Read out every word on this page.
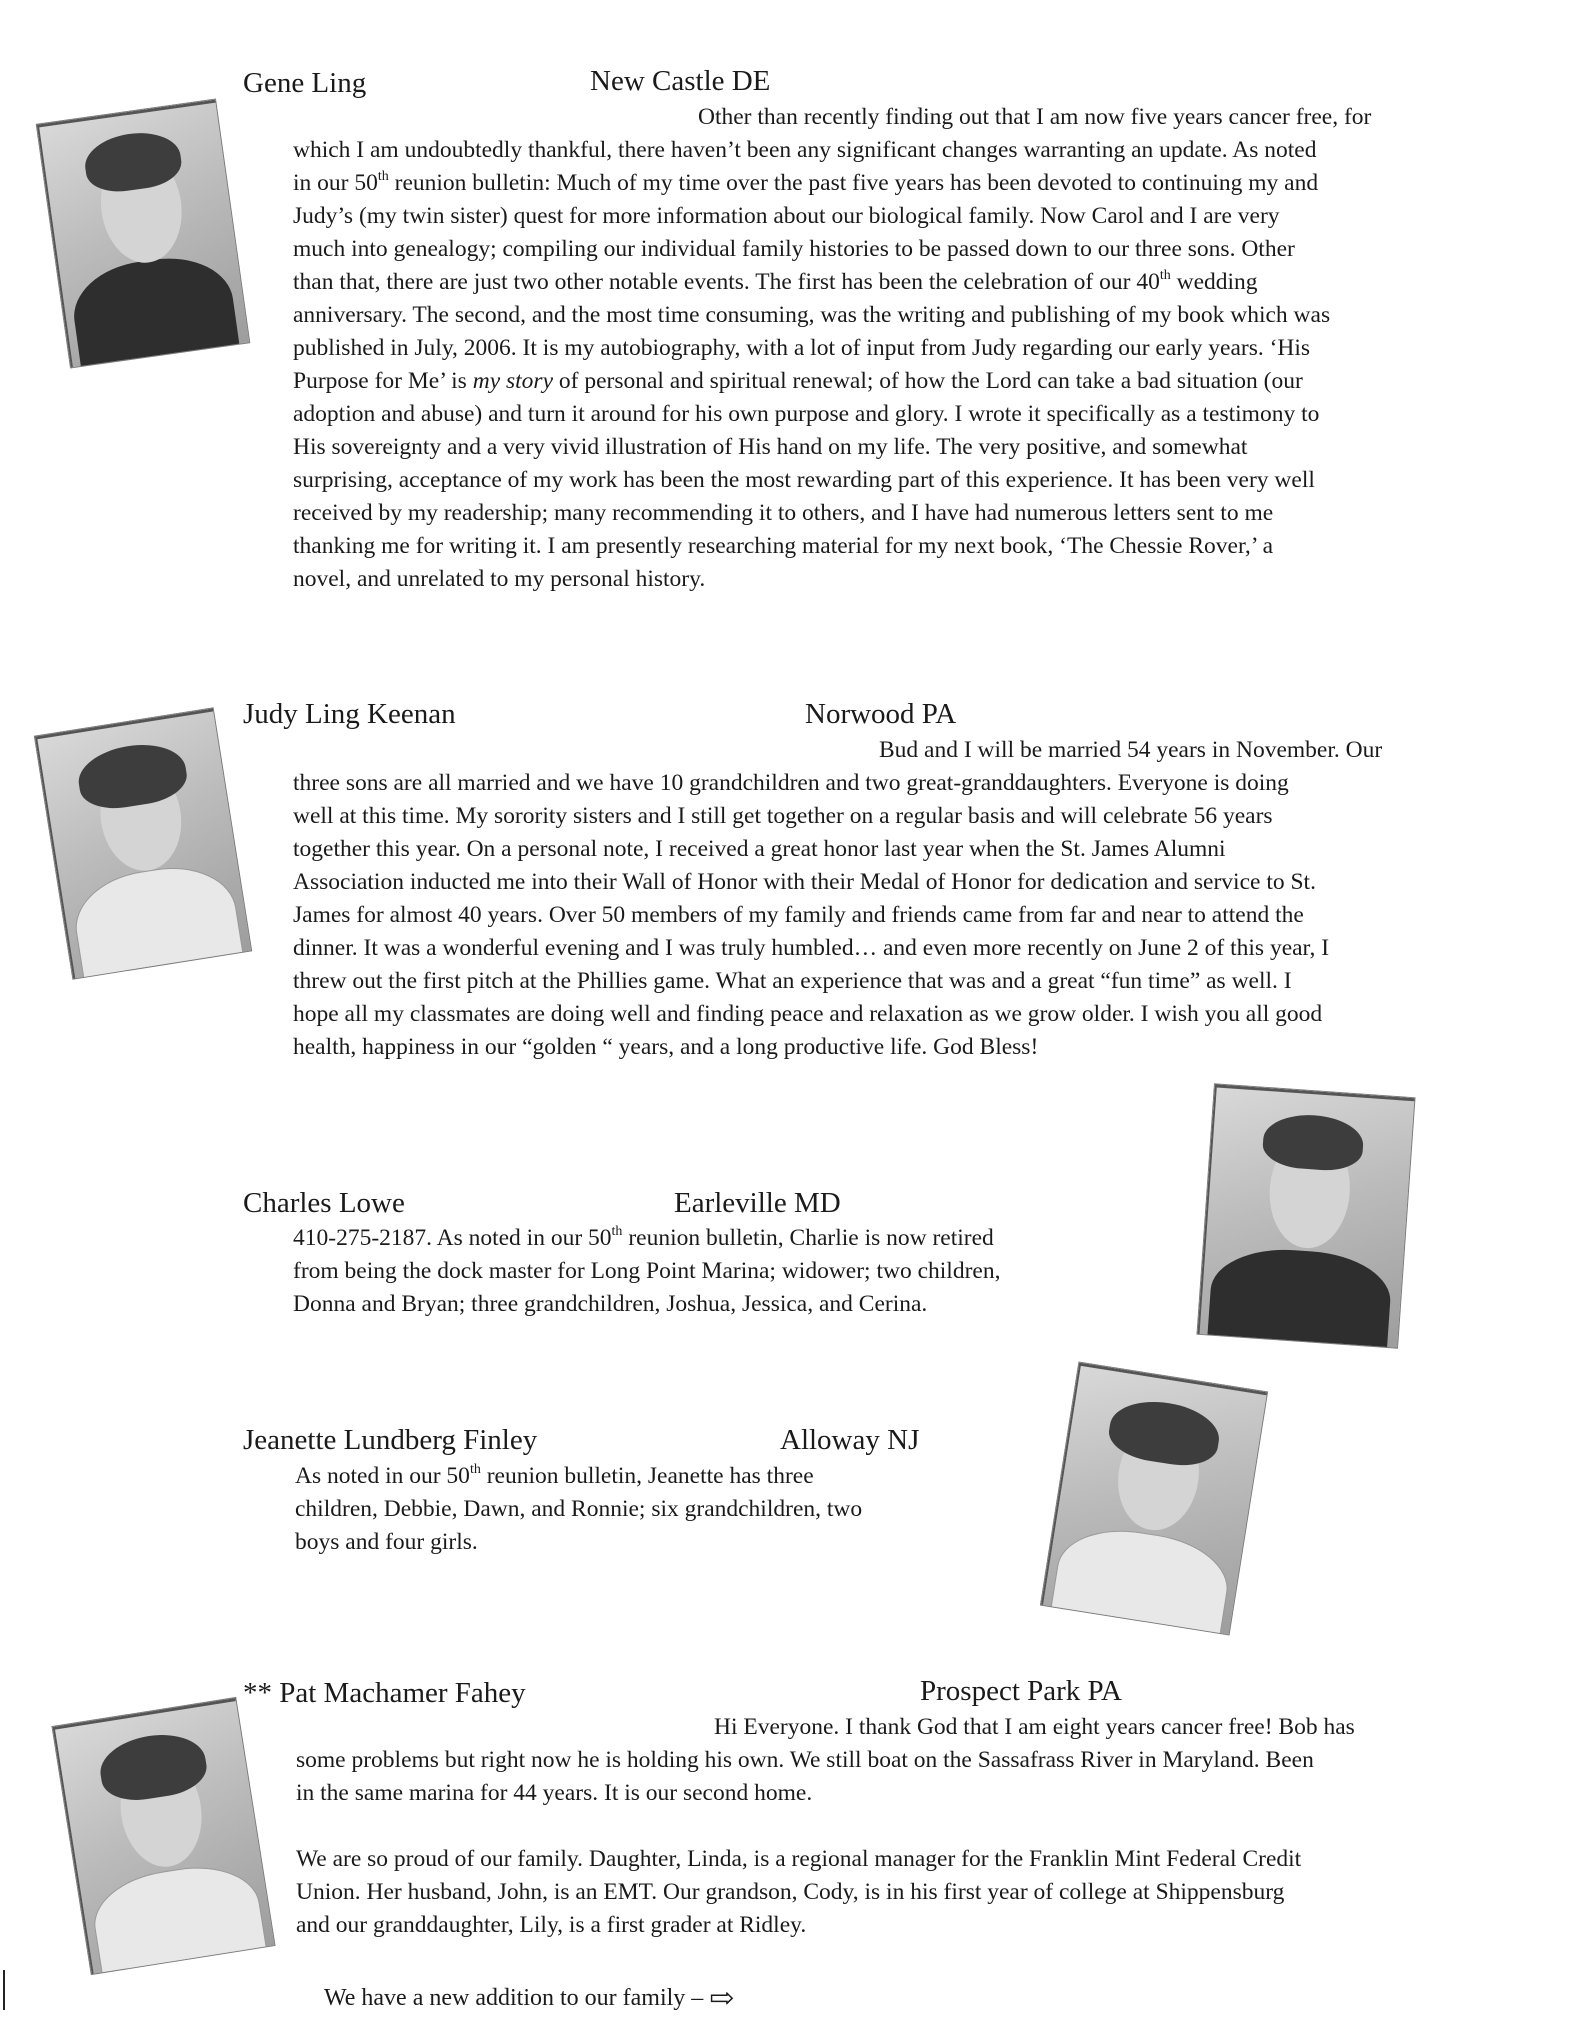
Gene Ling	New Castle DE
Other than recently finding out that I am now five years cancer free, for
which I am undoubtedly thankful, there haven’t been any significant changes warranting an update. As noted
in our 50th reunion bulletin: Much of my time over the past five years has been devoted to continuing my and
Judy’s (my twin sister) quest for more information about our biological family. Now Carol and I are very
much into genealogy; compiling our individual family histories to be passed down to our three sons. Other
than that, there are just two other notable events. The first has been the celebration of our 40th wedding
anniversary. The second, and the most time consuming, was the writing and publishing of my book which was
published in July, 2006. It is my autobiography, with a lot of input from Judy regarding our early years. ‘His
Purpose for Me’ is my story of personal and spiritual renewal; of how the Lord can take a bad situation (our
adoption and abuse) and turn it around for his own purpose and glory. I wrote it specifically as a testimony to
His sovereignty and a very vivid illustration of His hand on my life. The very positive, and somewhat
surprising, acceptance of my work has been the most rewarding part of this experience. It has been very well
received by my readership; many recommending it to others, and I have had numerous letters sent to me
thanking me for writing it. I am presently researching material for my next book, ‘The Chessie Rover,’ a
novel, and unrelated to my personal history.
Judy Ling Keenan	Norwood PA
Bud and I will be married 54 years in November. Our
three sons are all married and we have 10 grandchildren and two great-granddaughters. Everyone is doing
well at this time. My sorority sisters and I still get together on a regular basis and will celebrate 56 years
together this year. On a personal note, I received a great honor last year when the St. James Alumni
Association inducted me into their Wall of Honor with their Medal of Honor for dedication and service to St.
James for almost 40 years. Over 50 members of my family and friends came from far and near to attend the
dinner. It was a wonderful evening and I was truly humbled… and even more recently on June 2 of this year, I
threw out the first pitch at the Phillies game. What an experience that was and a great “fun time” as well. I
hope all my classmates are doing well and finding peace and relaxation as we grow older. I wish you all good
health, happiness in our “golden “ years, and a long productive life. God Bless!
Charles Lowe	Earleville MD
410-275-2187. As noted in our 50th reunion bulletin, Charlie is now retired
from being the dock master for Long Point Marina; widower; two children,
Donna and Bryan; three grandchildren, Joshua, Jessica, and Cerina.
Jeanette Lundberg Finley	Alloway NJ
As noted in our 50th reunion bulletin, Jeanette has three
children, Debbie, Dawn, and Ronnie; six grandchildren, two
boys and four girls.
** Pat Machamer Fahey	Prospect Park PA
Hi Everyone. I thank God that I am eight years cancer free! Bob has
some problems but right now he is holding his own. We still boat on the Sassafrass River in Maryland. Been
in the same marina for 44 years. It is our second home.

We are so proud of our family. Daughter, Linda, is a regional manager for the Franklin Mint Federal Credit
Union. Her husband, John, is an EMT. Our grandson, Cody, is in his first year of college at Shippensburg
and our granddaughter, Lily, is a first grader at Ridley.
We have a new addition to our family – ⇨
